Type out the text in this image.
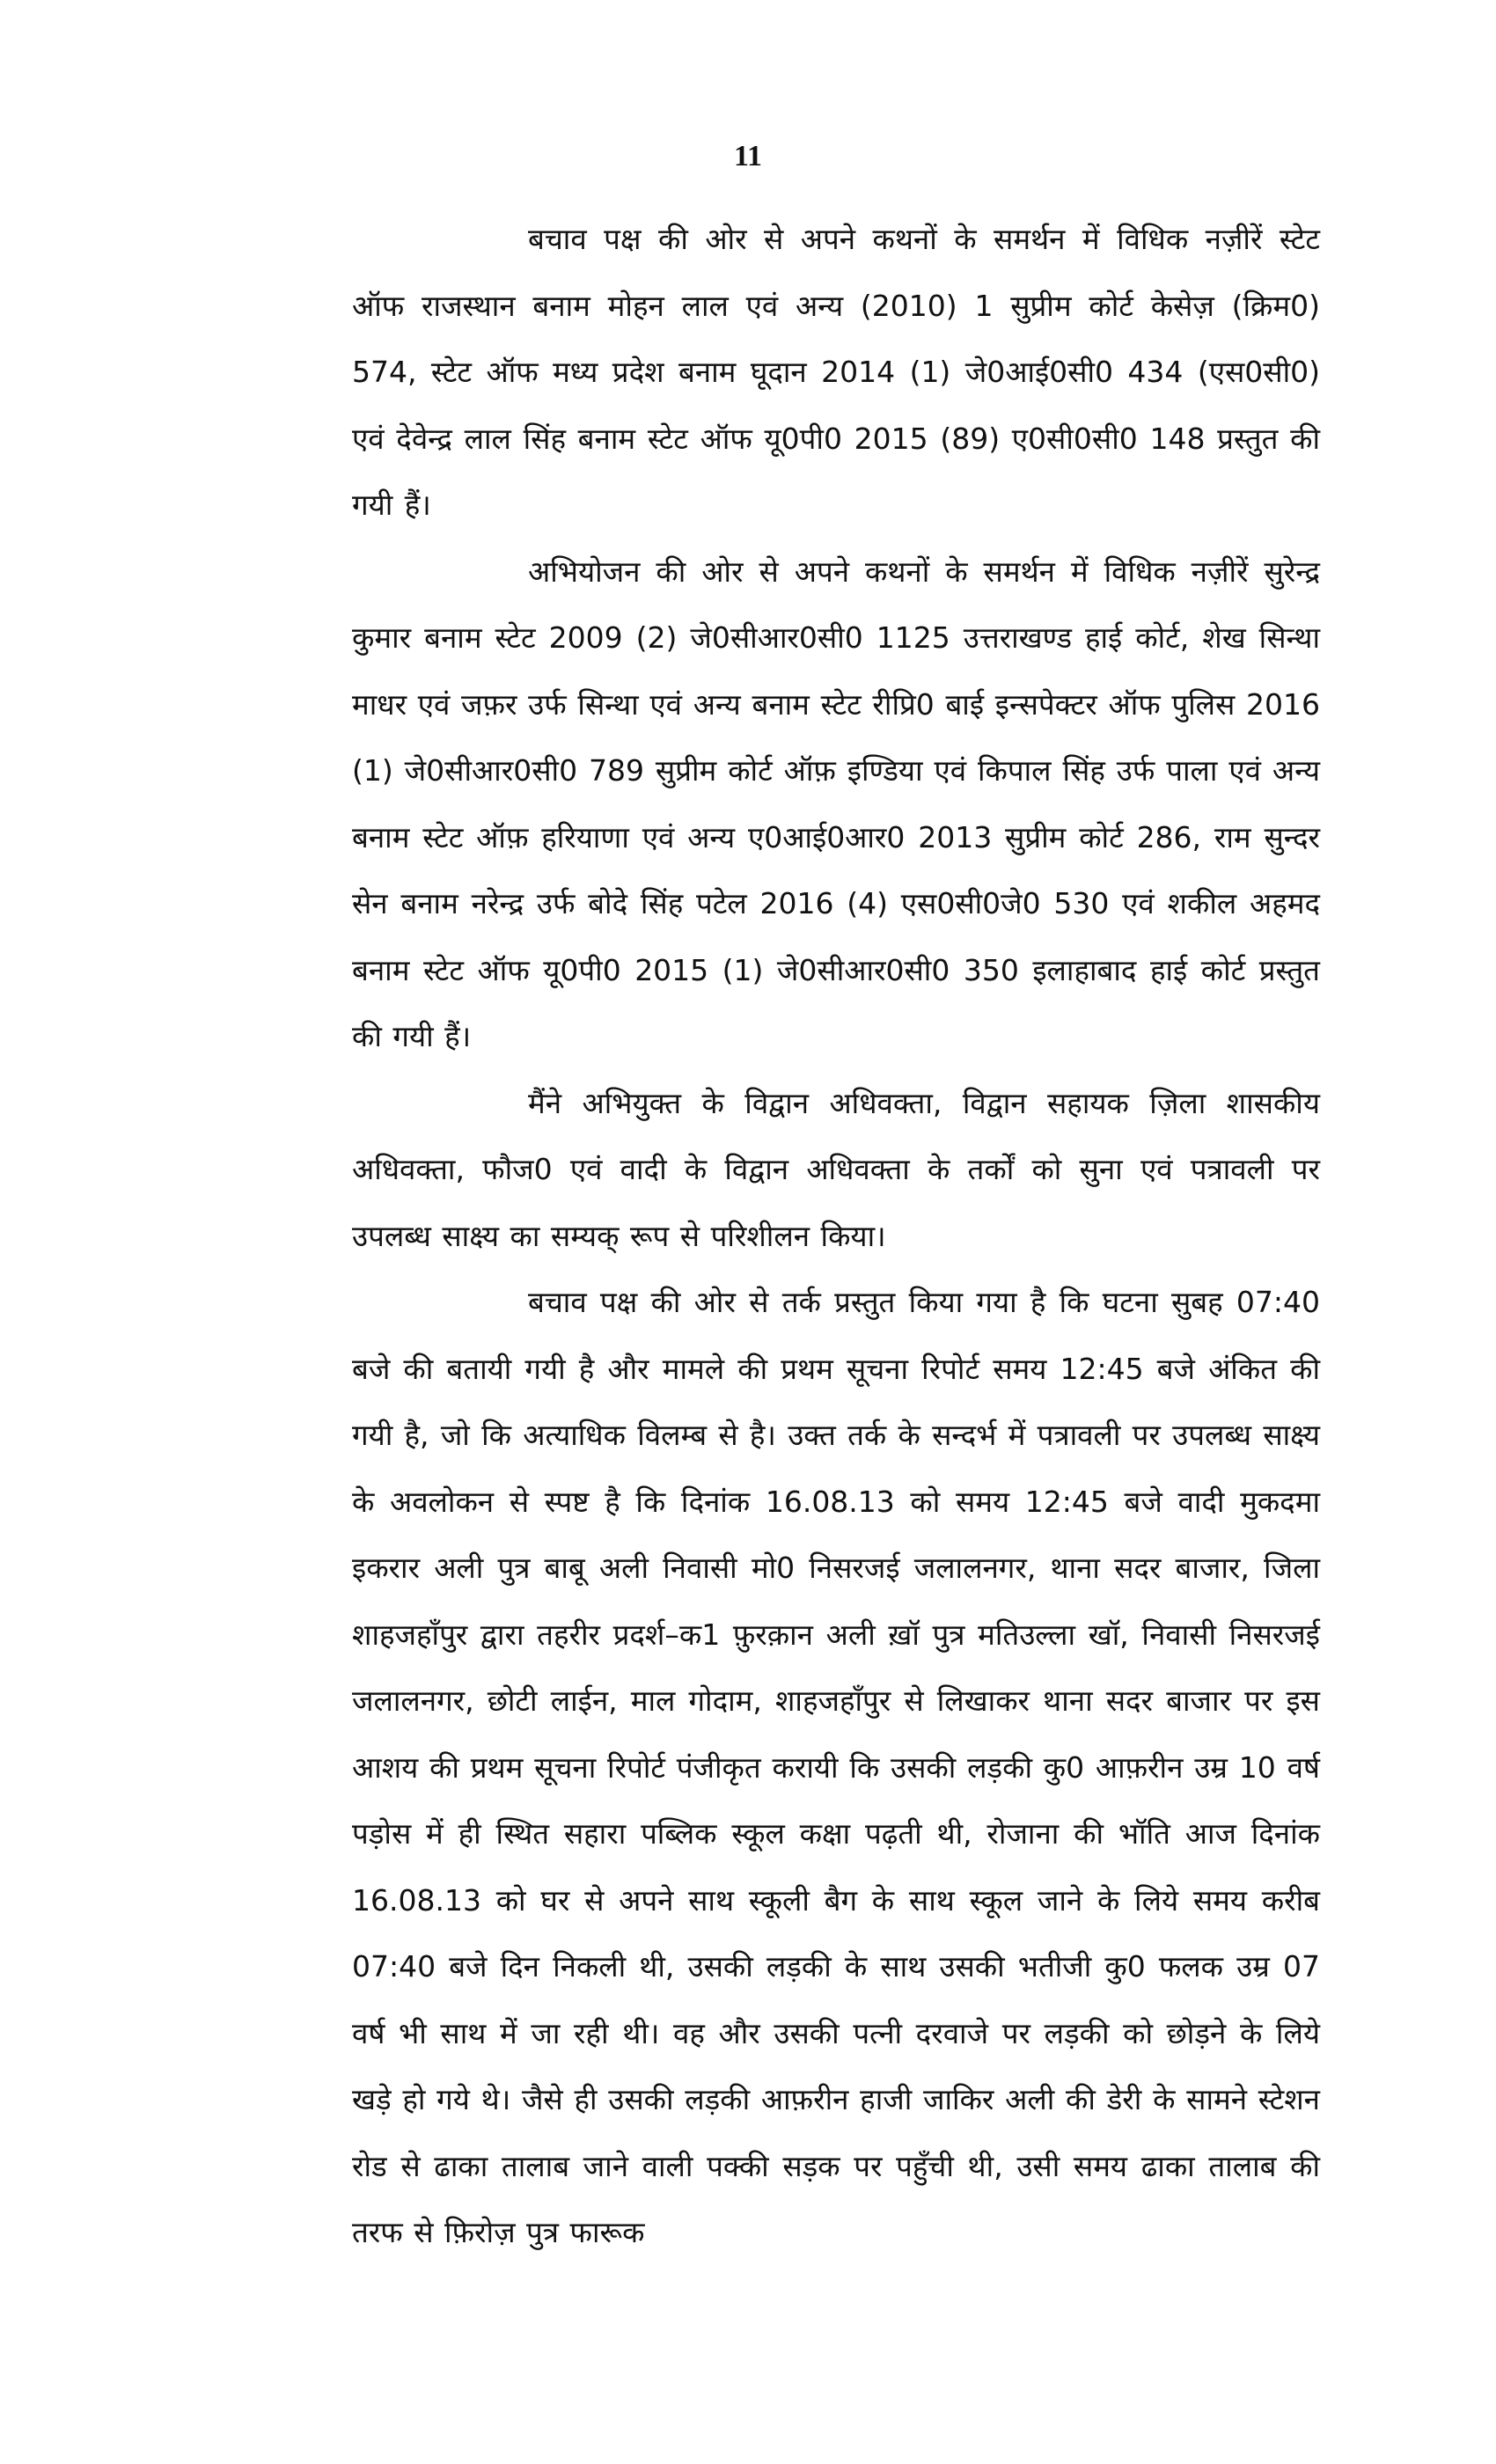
11

बचाव पक्ष की ओर से अपने कथनों के समर्थन में विधिक नज़ीरें स्टेट ऑफ राजस्थान बनाम मोहन लाल एवं अन्य (2010) 1 सुप्रीम कोर्ट केसेज़ (क्रिम0) 574, स्टेट ऑफ मध्य प्रदेश बनाम घूदान 2014 (1) जे0आई0सी0 434 (एस0सी0) एवं देवेन्द्र लाल सिंह बनाम स्टेट ऑफ यू0पी0 2015 (89) ए0सी0सी0 148 प्रस्तुत की गयी हैं।

अभियोजन की ओर से अपने कथनों के समर्थन में विधिक नज़ीरें सुरेन्द्र कुमार बनाम स्टेट 2009 (2) जे0सीआर0सी0 1125 उत्तराखण्ड हाई कोर्ट, शेख सिन्था माधर एवं जफ़र उर्फ सिन्था एवं अन्य बनाम स्टेट रीप्रि0 बाई इन्सपेक्टर ऑफ पुलिस 2016 (1) जे0सीआर0सी0 789 सुप्रीम कोर्ट ऑफ़ इण्डिया एवं किपाल सिंह उर्फ पाला एवं अन्य बनाम स्टेट ऑफ़ हरियाणा एवं अन्य ए0आई0आर0 2013 सुप्रीम कोर्ट 286, राम सुन्दर सेन बनाम नरेन्द्र उर्फ बोदे सिंह पटेल 2016 (4) एस0सी0जे0 530 एवं शकील अहमद बनाम स्टेट ऑफ यू0पी0 2015 (1) जे0सीआर0सी0 350 इलाहाबाद हाई कोर्ट प्रस्तुत की गयी हैं।

मैंने अभियुक्त के विद्वान अधिवक्ता, विद्वान सहायक ज़िला शासकीय अधिवक्ता, फौज0 एवं वादी के विद्वान अधिवक्ता के तर्कों को सुना एवं पत्रावली पर उपलब्ध साक्ष्य का सम्यक् रूप से परिशीलन किया।

बचाव पक्ष की ओर से तर्क प्रस्तुत किया गया है कि घटना सुबह 07:40 बजे की बतायी गयी है और मामले की प्रथम सूचना रिपोर्ट समय 12:45 बजे अंकित की गयी है, जो कि अत्याधिक विलम्ब से है। उक्त तर्क के सन्दर्भ में पत्रावली पर उपलब्ध साक्ष्य के अवलोकन से स्पष्ट है कि दिनांक 16.08.13 को समय 12:45 बजे वादी मुकदमा इकरार अली पुत्र बाबू अली निवासी मो0 निसरजई जलालनगर, थाना सदर बाजार, जिला शाहजहाँपुर द्वारा तहरीर प्रदर्श–क1 फ़ुरक़ान अली ख़ॉ पुत्र मतिउल्ला खॉ, निवासी निसरजई जलालनगर, छोटी लाईन, माल गोदाम, शाहजहाँपुर से लिखाकर थाना सदर बाजार पर इस आशय की प्रथम सूचना रिपोर्ट पंजीकृत करायी कि उसकी लड़की कु0 आफ़रीन उम्र 10 वर्ष पड़ोस में ही स्थित सहारा पब्लिक स्कूल कक्षा पढ़ती थी, रोजाना की भॉति आज दिनांक 16.08.13 को घर से अपने साथ स्कूली बैग के साथ स्कूल जाने के लिये समय करीब 07:40 बजे दिन निकली थी, उसकी लड़की के साथ उसकी भतीजी कु0 फलक उम्र 07 वर्ष भी साथ में जा रही थी। वह और उसकी पत्नी दरवाजे पर लड़की को छोड़ने के लिये खड़े हो गये थे। जैसे ही उसकी लड़की आफ़रीन हाजी जाकिर अली की डेरी के सामने स्टेशन रोड से ढाका तालाब जाने वाली पक्की सड़क पर पहुँची थी, उसी समय ढाका तालाब की तरफ से फ़िरोज़ पुत्र फारूक
